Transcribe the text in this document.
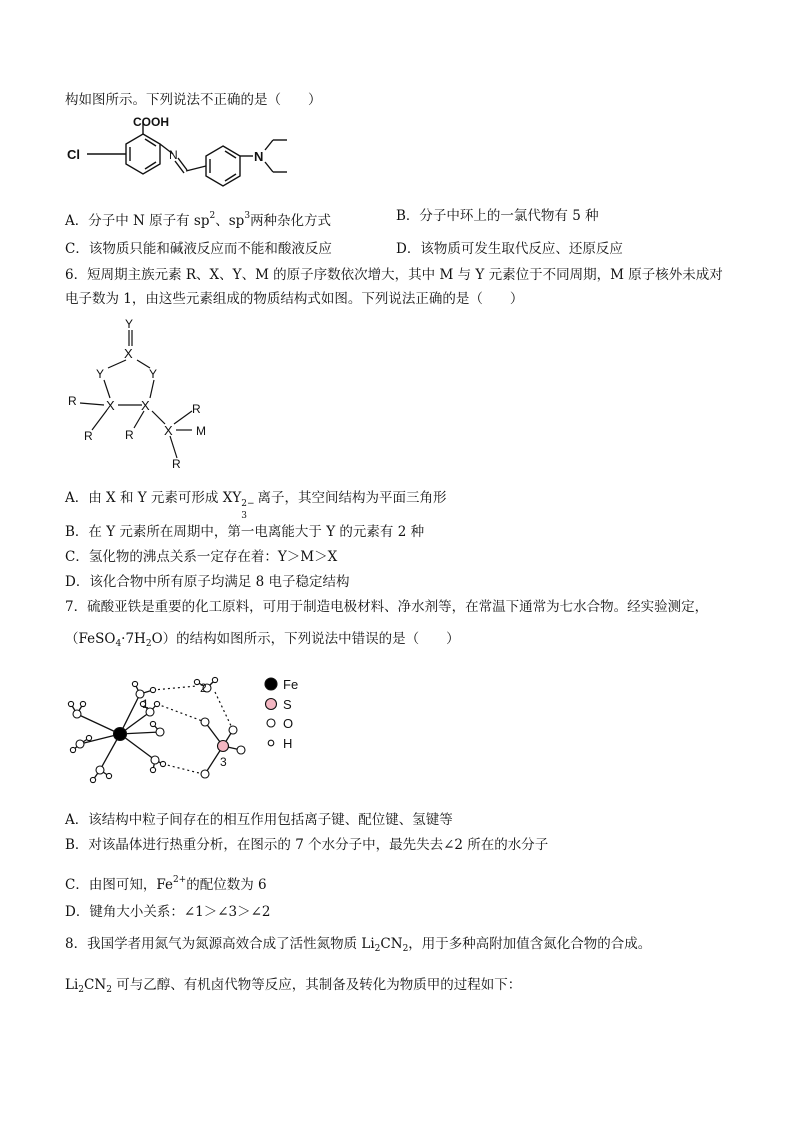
构如图所示。下列说法不正确的是（　　）
COOH
Cl	N	N
A．分子中 N 原子有 $sp^2$、$sp^3$两种杂化方式	B．分子中环上的一氯代物有 5 种
C．该物质只能和碱液反应而不能和酸液反应	D．该物质可发生取代反应、还原反应
6．短周期主族元素 R、X、Y、M 的原子序数依次增大，其中 M 与 Y 元素位于不同周期，M 原子核外未成对
电子数为 1，由这些元素组成的物质结构式如图。下列说法正确的是（　　）
Y
X
Y	Y
R X X	R
R	R X M
R
A．由 X 和 Y 元素可形成 XY
3
2−
离子，其空间结构为平面三角形
B．在 Y 元素所在周期中，第一电离能大于 Y 的元素有 2 种
C．氢化物的沸点关系一定存在着：Y＞M＞X
D．该化合物中所有原子均满足 8 电子稳定结构
7．硫酸亚铁是重要的化工原料，可用于制造电极材料、净水剂等，在常温下通常为七水合物。经实验测定，
$(FeSO_4\cdot 7H_2O)$的结构如图所示，下列说法中错误的是（　　）
1
2
3
Fe
S
O
H
A．该结构中粒子间存在的相互作用包括离子键、配位键、氢键等
B．对该晶体进行热重分析，在图示的 7 个水分子中，最先失去∠2 所在的水分子
C．由图可知，$Fe^{2+}$的配位数为 6
D．键角大小关系：∠1＞∠3＞∠2
8．我国学者用氮气为氮源高效合成了活性氮物质 $Li_2CN_2$，用于多种高附加值含氮化合物的合成。
$Li_2CN_2$ 可与乙醇、有机卤代物等反应，其制备及转化为物质甲的过程如下：
